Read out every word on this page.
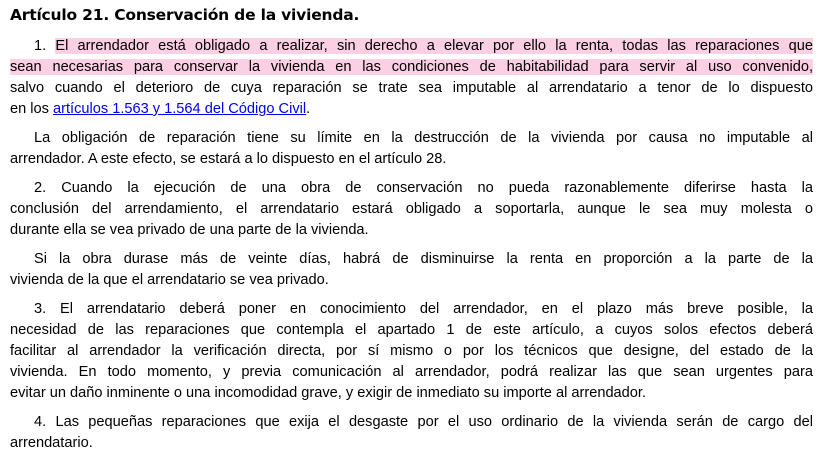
Artículo 21. Conservación de la vivienda.
1. El arrendador está obligado a realizar, sin derecho a elevar por ello la renta, todas las reparaciones que
sean necesarias para conservar la vivienda en las condiciones de habitabilidad para servir al uso convenido,
salvo cuando el deterioro de cuya reparación se trate sea imputable al arrendatario a tenor de lo dispuesto
en los artículos 1.563 y 1.564 del Código Civil.
La obligación de reparación tiene su límite en la destrucción de la vivienda por causa no imputable al
arrendador. A este efecto, se estará a lo dispuesto en el artículo 28.
2. Cuando la ejecución de una obra de conservación no pueda razonablemente diferirse hasta la
conclusión del arrendamiento, el arrendatario estará obligado a soportarla, aunque le sea muy molesta o
durante ella se vea privado de una parte de la vivienda.
Si la obra durase más de veinte días, habrá de disminuirse la renta en proporción a la parte de la
vivienda de la que el arrendatario se vea privado.
3. El arrendatario deberá poner en conocimiento del arrendador, en el plazo más breve posible, la
necesidad de las reparaciones que contempla el apartado 1 de este artículo, a cuyos solos efectos deberá
facilitar al arrendador la verificación directa, por sí mismo o por los técnicos que designe, del estado de la
vivienda. En todo momento, y previa comunicación al arrendador, podrá realizar las que sean urgentes para
evitar un daño inminente o una incomodidad grave, y exigir de inmediato su importe al arrendador.
4. Las pequeñas reparaciones que exija el desgaste por el uso ordinario de la vivienda serán de cargo del
arrendatario.
